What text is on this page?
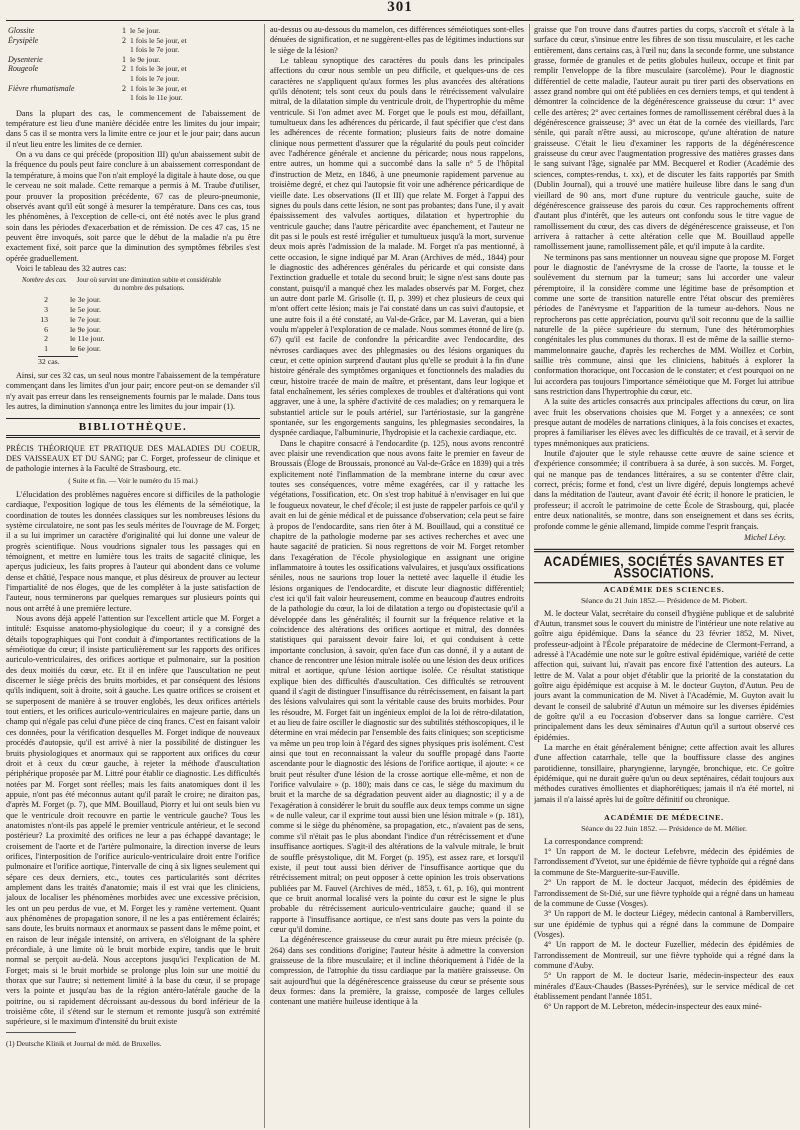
301
Glossite	1	le 5e jour.
Érysipèle	2	1 fois le 5e jour, et
		1 fois le 7e jour.
Dysenterie	1	le 9e jour.
Rougeole	2	1 fois le 3e jour, et
		1 fois le 7e jour.
Fièvre rhumatismale	2	1 fois le 3e jour, et
		1 fois le 11e jour.

Dans la plupart des cas, le commencement de l'abaissement de température est lieu d'une manière décidée entre les limites du jour impair; dans 5 cas il se montra vers la limite entre ce jour et le jour pair; dans aucun il n'eut lieu entre les limites de ce dernier.

On a vu dans ce qui précède (proposition III) qu'un abaissement subit de la fréquence du pouls peut faire conclure à un abaissement correspondant de la température, à moins que l'on n'ait employé la digitale à haute dose, ou que le cerveau ne soit malade. Cette remarque a permis à M. Traube d'utiliser, pour prouver la proposition précédente, 67 cas de pleuro-pneumonie, observés avant qu'il eût songé à mesurer la température. Dans ces cas, tous les phénomènes, à l'exception de celle-ci, ont été notés avec le plus grand soin dans les périodes d'exacerbation et de rémission. De ces 47 cas, 15 ne peuvent être invoqués, soit parce que le début de la maladie n'a pu être exactement fixé, soit parce que la diminution des symptômes fébriles s'est opérée graduellement.

Voici le tableau des 32 autres cas:

Nombre des cas.	Jour où survint une diminution subite et considérable du nombre des pulsations.
2	le 3e jour.
3	le 5e jour.
13	le 7e jour.
6	le 9e jour.
2	le 11e jour.
1	le 6e jour.
32 cas.

Ainsi, sur ces 32 cas, un seul nous montre l'abaissement de la température commençant dans les limites d'un jour pair; encore peut-on se demander s'il n'y avait pas erreur dans les renseignements fournis par le malade. Dans tous les autres, la diminution s'annonça entre les limites du jour impair (1).

BIBLIOTHÈQUE.

PRÉCIS THÉORIQUE ET PRATIQUE DES MALADIES DU COEUR, DES VAISSEAUX ET DU SANG; par C. Forget, professeur de clinique et de pathologie internes à la Faculté de Strasbourg, etc.

( Suite et fin. — Voir le numéro du 15 mai.)

L'élucidation des problèmes naguères encore si difficiles de la pathologie cardiaque, l'exposition logique de tous les éléments de la séméiotique, la coordination de toutes les données classiques sur les nombreuses lésions du système circulatoire, ne sont pas les seuls mérites de l'ouvrage de M. Forget; il a su lui imprimer un caractère d'originalité qui lui donne une valeur de progrès scientifique. Nous voudrions signaler tous les passages qui en témoignent, et mettre en lumière tous les traits de sagacité clinique, les aperçus judicieux, les faits propres à l'auteur qui abondent dans ce volume dense et châtié, l'espace nous manque, et plus désireux de prouver au lecteur l'impartialité de nos éloges, que de les compléter à la juste satisfaction de l'auteur, nous terminerons par quelques remarques sur plusieurs points qui nous ont arrêté à une première lecture.

Nous avons déjà appelé l'attention sur l'excellent article que M. Forget a intitulé: Esquisse anatomo-physiologique du coeur; il y a consigné des détails topographiques qui l'ont conduit à d'importantes rectifications de la séméiotique du cœur; il insiste particulièrement sur les rapports des orifices auriculo-ventriculaires, des orifices aortique et pulmonaire, sur la position des deux moitiés du cœur, etc. Et il en infère que l'auscultation ne peut discerner le siège précis des bruits morbides, et par conséquent des lésions qu'ils indiquent, soit à droite, soit à gauche. Les quatre orifices se croisent et se superposent de manière à se trouver englobés, les deux orifices artériels tout entiers, et les orifices auriculo-ventriculaires en majeure partie, dans un champ qui n'égale pas celui d'une pièce de cinq francs. C'est en faisant valoir ces données, pour la vérification desquelles M. Forget indique de nouveaux procédés d'autopsie, qu'il est arrivé à nier la possibilité de distinguer les bruits physiologiques et anormaux qui se rapportent aux orifices du cœur droit et à ceux du cœur gauche, à rejeter la méthode d'auscultation périphérique proposée par M. Littré pour établir ce diagnostic. Les difficultés notées par M. Forget sont réelles; mais les faits anatomiques dont il les appuie, n'ont pas été méconnus autant qu'il paraît le croire; ne diraiton pas, d'après M. Forget (p. 7), que MM. Bouillaud, Piorry et lui ont seuls bien vu que le ventricule droit recouvre en partie le ventricule gauche? Tous les anatomistes n'ont-ils pas appelé le premier ventricule antérieur, et le second postérieur? La proximité des orifices ne leur a pas échappé davantage; le croisement de l'aorte et de l'artère pulmonaire, la direction inverse de leurs orifices, l'interposition de l'orifice auriculo-ventriculaire droit entre l'orifice pulmonaire et l'orifice aortique, l'intervalle de cinq à six lignes seulement qui sépare ces deux derniers, etc., toutes ces particularités sont décrites amplement dans les traités d'anatomie; mais il est vrai que les cliniciens, jaloux de localiser les phénomènes morbides avec une excessive précision, les ont un peu perdus de vue, et M. Forget les y ramène vertement. Quant aux phénomènes de propagation sonore, il ne les a pas entièrement éclairés; sans doute, les bruits normaux et anormaux se passent dans le même point, et en raison de leur inégale intensité, on arrivera, en s'éloignant de la sphère précordiale, à une limite où le bruit morbide expire, tandis que le bruit normal se perçoit au-delà. Nous acceptons jusqu'ici l'explication de M. Forget; mais si le bruit morbide se prolonge plus loin sur une moitié du thorax que sur l'autre; si nettement limité à la base du cœur, il se propage vers la pointe et jusqu'au bas de la région antéro-latérale gauche de la poitrine, ou si rapidement décroissant au-dessous du bord inférieur de la troisième côte, il s'étend sur le sternum et remonte jusqu'à son extrémité supérieure, si le maximum d'intensité du bruit existe

(1) Deutsche Klinik et Journal de méd. de Bruxelles.

au-dessus ou au-dessous du mamelon, ces différences séméiotiques sont-elles dénuées de signification, et ne suggèrent-elles pas de légitimes inductions sur le siège de la lésion?

Le tableau synoptique des caractères du pouls dans les principales affections du cœur nous semble un peu difficile, et quelques-uns de ces caractères ne s'appliquent qu'aux formes les plus avancées des altérations qu'ils dénotent; tels sont ceux du pouls dans le rétrécissement valvulaire mitral, de la dilatation simple du ventricule droit, de l'hypertrophie du même ventricule. Si l'on admet avec M. Forget que le pouls est mou, défaillant, tumultueux dans les adhérences du péricarde, il faut spécifier que c'est dans les adhérences de récente formation; plusieurs faits de notre domaine clinique nous permettent d'assurer que la régularité du pouls peut coïncider avec l'adhérence générale et ancienne du péricarde; nous nous rappelons, entre autres, un homme qui a succombé dans la salle n° 5 de l'hôpital d'instruction de Metz, en 1846, à une pneumonie rapidement parvenue au troisième degré, et chez qui l'autopsie fit voir une adhérence péricardique de vieille date. Les observations (II et III) que relate M. Forget à l'appui des signes du pouls dans cette lésion, ne sont pas probantes; dans l'une, il y avait épaississement des valvules aortiques, dilatation et hypertrophie du ventricule gauche; dans l'autre péricardite avec épanchement, et l'auteur ne dit pas si le pouls est resté irrégulier et tumultueux jusqu'à la mort, survenue deux mois après l'admission de la malade. M. Forget n'a pas mentionné, à cette occasion, le signe indiqué par M. Aran (Archives de méd., 1844) pour le diagnostic des adhérences générales du péricarde et qui consiste dans l'extinction graduelle et totale du second bruit; le signe n'est sans doute pas constant, puisqu'il a manqué chez les malades observés par M. Forget, chez un autre dont parle M. Grisolle (t. II, p. 399) et chez plusieurs de ceux qui m'ont offert cette lésion; mais je l'ai constaté dans un cas suivi d'autopsie, et une autre fois il a été constaté, au Val-de-Grâce, par M. Laveran, qui a bien voulu m'appeler à l'exploration de ce malade. Nous sommes étonné de lire (p. 67) qu'il est facile de confondre la péricardite avec l'endocardite, des névroses cardiaques avec des phlegmasies ou des lésions organiques du cœur, et cette opinion surprend d'autant plus qu'elle se produit à la fin d'une histoire générale des symptômes organiques et fonctionnels des maladies du cœur, histoire tracée de main de maître, et présentant, dans leur logique et fatal enchaînement, les séries complexes de troubles et d'altérations qui vont aggraver, une à une, la sphère d'activité de ces maladies; on y remarquera le substantiel article sur le pouls artériel, sur l'artériostasie, sur la gangrène spontanée, sur les engorgements sanguins, les phlegmasies secondaires, la dyspnée cardiaque, l'albuminurie, l'hydropisie et la cachexie cardiaque, etc.

Dans le chapitre consacré à l'endocardite (p. 125), nous avons rencontré avec plaisir une revendication que nous avons faite le premier en faveur de Broussais (Éloge de Broussais, prononcé au Val-de-Grâce en 1839) qui a très explicitement noté l'inflammation de la membrane interne du cœur avec toutes ses conséquences, votre même exagérées, car il y rattache les végétations, l'ossification, etc. On s'est trop habitué à n'envisager en lui que le fougueux novateur, le chef d'école; il est juste de rappeler parfois ce qu'il y avait en lui de génie médical et de puissance d'observation; cela peut se faire à propos de l'endocardite, sans rien ôter à M. Bouillaud, qui a constitué ce chapitre de la pathologie moderne par ses actives recherches et avec une haute sagacité de praticien. Si nous regrettons de voir M. Forget retomber dans l'exagération de l'école physiologique en assignant une origine inflammatoire à toutes les ossifications valvulaires, et jusqu'aux ossifications séniles, nous ne saurions trop louer la netteté avec laquelle il étudie les lésions organiques de l'endocardite, et discute leur diagnostic différentiel; c'est ici qu'il fait valoir heureusement, comme en beaucoup d'autres endroits de la pathologie du cœur, la loi de dilatation a tergo ou d'opistectasie qu'il a développée dans les généralités; il fournit sur la fréquence relative et la coïncidence des altérations des orifices aortique et mitral, des données statistiques qui paraissent devoir faire loi, et qui conduisent à cette importante conclusion, à savoir, qu'en face d'un cas donné, il y a autant de chance de rencontrer une lésion mitrale isolée ou une lésion des deux orifices mitral et aortique, qu'une lésion aortique isolée. Ce résultat statistique explique bien des difficultés d'auscultation. Ces difficultés se retrouvent quand il s'agit de distinguer l'insuffisance du rétrécissement, en faisant la part des lésions valvulaires qui sont la véritable cause des bruits morbides. Pour les résoudre, M. Forget fait un ingénieux emploi de la loi de rétro-dilatation, et au lieu de faire osciller le diagnostic sur des subtilités stéthoscopiques, il le détermine en vrai médecin par l'ensemble des faits cliniques; son scepticisme va même un peu trop loin à l'égard des signes physiques pris isolément. C'est ainsi que tout en reconnaissant la valeur du souffle propagé dans l'aorte ascendante pour le diagnostic des lésions de l'orifice aortique, il ajoute: « ce bruit peut résulter d'une lésion de la crosse aortique elle-même, et non de l'orifice valvulaire » (p. 180); mais dans ce cas, le siège du maximum du bruit et la marche de sa dégradation peuvent aider au diagnostic; il y a de l'exagération à considérer le bruit du souffle aux deux temps comme un signe « de nulle valeur, car il exprime tout aussi bien une lésion mitrale » (p. 181), comme si le siège du phénomène, sa propagation, etc., n'avaient pas de sens, comme s'il n'était pas le plus abondant l'indice d'un rétrécissement et d'une insuffisance aortiques. S'agit-il des altérations de la valvule mitrale, le bruit de souffle présystolique, dit M. Forget (p. 195), est assez rare, et lorsqu'il existe, il peut tout aussi bien dériver de l'insuffisance aortique que du rétrécissement mitral; on peut opposer à cette opinion les trois observations publiées par M. Fauvel (Archives de méd., 1853, t. 61, p. 16), qui montrent que ce bruit anormal localisé vers la pointe du cœur est le signe le plus probable du rétrécissement auriculo-ventriculaire gauche; quand il se rapporte à l'insuffisance aortique, ce n'est sans doute pas vers la pointe du cœur qu'il domine.

La dégénérescence graisseuse du cœur aurait pu être mieux précisée (p. 264) dans ses conditions d'origine; l'auteur hésite à admettre la conversion graisseuse de la fibre musculaire; et il incline théoriquement à l'idée de la compression, de l'atrophie du tissu cardiaque par la matière graisseuse. On sait aujourd'hui que la dégénérescence graisseuse du cœur se présente sous deux formes: dans la première, la graisse, composée de larges cellules contenant une matière huileuse identique à la

graisse que l'on trouve dans d'autres parties du corps, s'accroît et s'étale à la surface du cœur, s'insinue entre les fibres de son tissu musculaire, et les cache entièrement, dans certains cas, à l'œil nu; dans la seconde forme, une substance grasse, formée de granules et de petits globules huileux, occupe et finit par remplir l'enveloppe de la fibre musculaire (sarcolème). Pour le diagnostic différentiel de cette maladie, l'auteur aurait pu tirer parti des observations en assez grand nombre qui ont été publiées en ces derniers temps, et qui tendent à démontrer la coïncidence de la dégénérescence graisseuse du cœur: 1° avec celle des artères; 2° avec certaines formes de ramollissement cérébral dues à la dégénérescence graisseuse; 3° avec un état de la cornée des vieillards, l'arc sénile, qui paraît n'être aussi, au microscope, qu'une altération de nature graisseuse. C'était le lieu d'examiner les rapports de la dégénérescence graisseuse du cœur avec l'augmentation progressive des matières grasses dans le sang suivant l'âge, signalée par MM. Becquerel et Rodier (Académie des sciences, comptes-rendus, t. xx), et de discuter les faits rapportés par Smith (Dublin Journal), qui a trouvé une matière huileuse libre dans le sang d'un vieillard de 90 ans, mort d'une rupture du ventricule gauche, suite de dégénérescence graisseuse des parois du cœur. Ces rapprochements offrent d'autant plus d'intérêt, que les auteurs ont confondu sous le titre vague de ramollissement du cœur, des cas divers de dégénérescence graisseuse, et l'on arrivera à rattacher à cette altération celle que M. Bouillaud appelle ramollissement jaune, ramollissement pâle, et qu'il impute à la cardite.

Ne terminons pas sans mentionner un nouveau signe que propose M. Forget pour le diagnostic de l'anévrysme de la crosse de l'aorte, la tousse et le soulèvement du sternum par la tumeur; sans lui accorder une valeur péremptoire, il la considère comme une légitime base de présomption et comme une sorte de transition naturelle entre l'état obscur des premières périodes de l'anévrysme et l'apparition de la tumeur au-dehors. Nous ne reprocherons pas cette appréciation, pourvu qu'il soit reconnu que de la saillie naturelle de la pièce supérieure du sternum, l'une des hétéromorphies congénitales les plus communes du thorax. Il est de même de la saillie sterno-mammelonnaire gauche, d'après les recherches de MM. Woillez et Corbin, saillie très commune, ainsi que les cliniciens, habitués à explorer la conformation thoracique, ont l'occasion de le constater; et c'est pourquoi on ne lui accordera pas toujours l'importance séméiotique que M. Forget lui attribue sans restriction dans l'hypertrophie du cœur, etc.

A la suite des articles consacrés aux principales affections du cœur, on lira avec fruit les observations choisies que M. Forget y a annexées; ce sont presque autant de modèles de narrations cliniques, à la fois concises et exactes, propres à familiariser les élèves avec les difficultés de ce travail, et à servir de types mnémoniques aux praticiens.

Inutile d'ajouter que le style rehausse cette œuvre de saine science et d'expérience consommée; il contribuera à sa durée, à son succès. M. Forget, qui ne manque pas de tendances littéraires, a su se contenter d'être clair, correct, précis; forme et fond, c'est un livre digéré, depuis longtemps achevé dans la méditation de l'auteur, avant d'avoir été écrit; il honore le praticien, le professeur; il accroît le patrimoine de cette École de Strasbourg, qui, placée entre deux nationalités, se montre, dans son enseignement et dans ses écrits, profonde comme le génie allemand, limpide comme l'esprit français.

Michel Lévy.
ACADÉMIES, SOCIÉTÉS SAVANTES ET ASSOCIATIONS.
ACADÉMIE DES SCIENCES.
Séance du 21 Juin 1852.— Présidence de M. Piobert.

M. le docteur Valat, secrétaire du conseil d'hygiène publique et de salubrité d'Autun, transmet sous le couvert du ministre de l'intérieur une note relative au goître aigu épidémique. Dans la séance du 23 février 1852, M. Nivet, professeur-adjoint à l'École préparatoire de médecine de Clermont-Ferrand, a adressé à l'Académie une note sur le goître estival épidémique, variété de cette affection qui, suivant lui, n'avait pas encore fixé l'attention des auteurs. La lettre de M. Valat a pour objet d'établir que la priorité de la constatation du goître aigu épidémique est acquise à M. le docteur Guyton, d'Autun. Peu de jours avant la communication de M. Nivet à l'Académie, M. Guyton avait lu devant le conseil de salubrité d'Autun un mémoire sur les diverses épidémies de goître qu'il a eu l'occasion d'observer dans sa longue carrière. C'est principalement dans les deux séminaires d'Autun qu'il a surtout observé ces épidémies.

La marche en était généralement bénigne; cette affection avait les allures d'une affection catarrhale, telle que la bouffissure classe des angines parotidienne, tonsillaire, pharyngienne, laryngée, bronchique, etc. Ce goître épidémique, qui ne durait guère qu'un ou deux septénaires, cédait toujours aux méthodes curatives émollientes et diaphorétiques; jamais il n'a été mortel, ni jamais il n'a laissé après lui de goître définitif ou chronique.

ACADÉMIE DE MÉDECINE.
Séance du 22 Juin 1852. — Présidence de M. Mélier.

La correspondance comprend:

1° Un rapport de M. le docteur Lefebvre, médecin des épidémies de l'arrondissement d'Yvetot, sur une épidémie de fièvre typhoïde qui a régné dans la commune de Ste-Marguerite-sur-Fauville.

2° Un rapport de M. le docteur Jacquot, médecin des épidémies de l'arrondissement de St-Dié, sur une fièvre typhoïde qui a régné dans un hameau de la commune de Cusse (Vosges).

3° Un rapport de M. le docteur Liégey, médecin cantonal à Rambervillers, sur une épidémie de typhus qui a régné dans la commune de Dompaire (Vosges).

4° Un rapport de M. le docteur Fuzellier, médecin des épidémies de l'arrondissement de Montreuil, sur une fièvre typhoïde qui a régné dans la commune d'Auby.

5° Un rapport de M. le docteur Isarie, médecin-inspecteur des eaux minérales d'Eaux-Chaudes (Basses-Pyrénées), sur le service médical de cet établissement pendant l'année 1851.

6° Un rapport de M. Lebreton, médecin-inspecteur des eaux miné-
